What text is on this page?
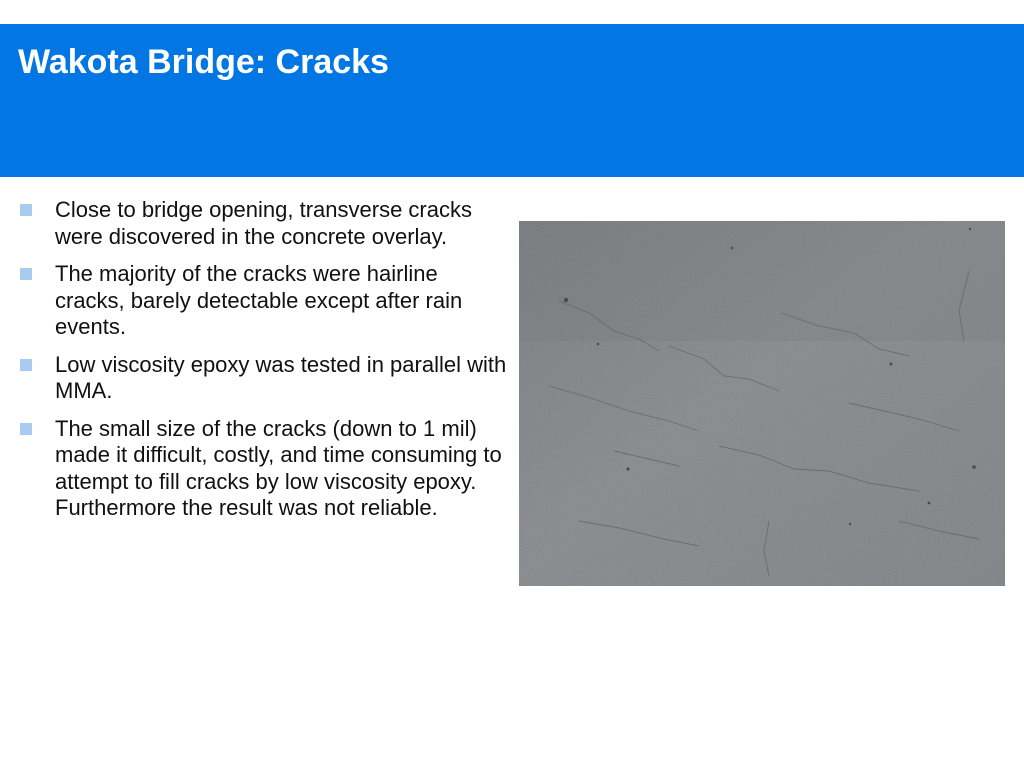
Wakota Bridge: Cracks
Close to bridge opening, transverse cracks were discovered in the concrete overlay.
The majority of the cracks were hairline cracks, barely detectable except after rain events.
Low viscosity epoxy was tested in parallel with MMA.
The small size of the cracks (down to 1 mil) made it difficult, costly, and time consuming to attempt to fill cracks by low viscosity epoxy. Furthermore the result was not reliable.
